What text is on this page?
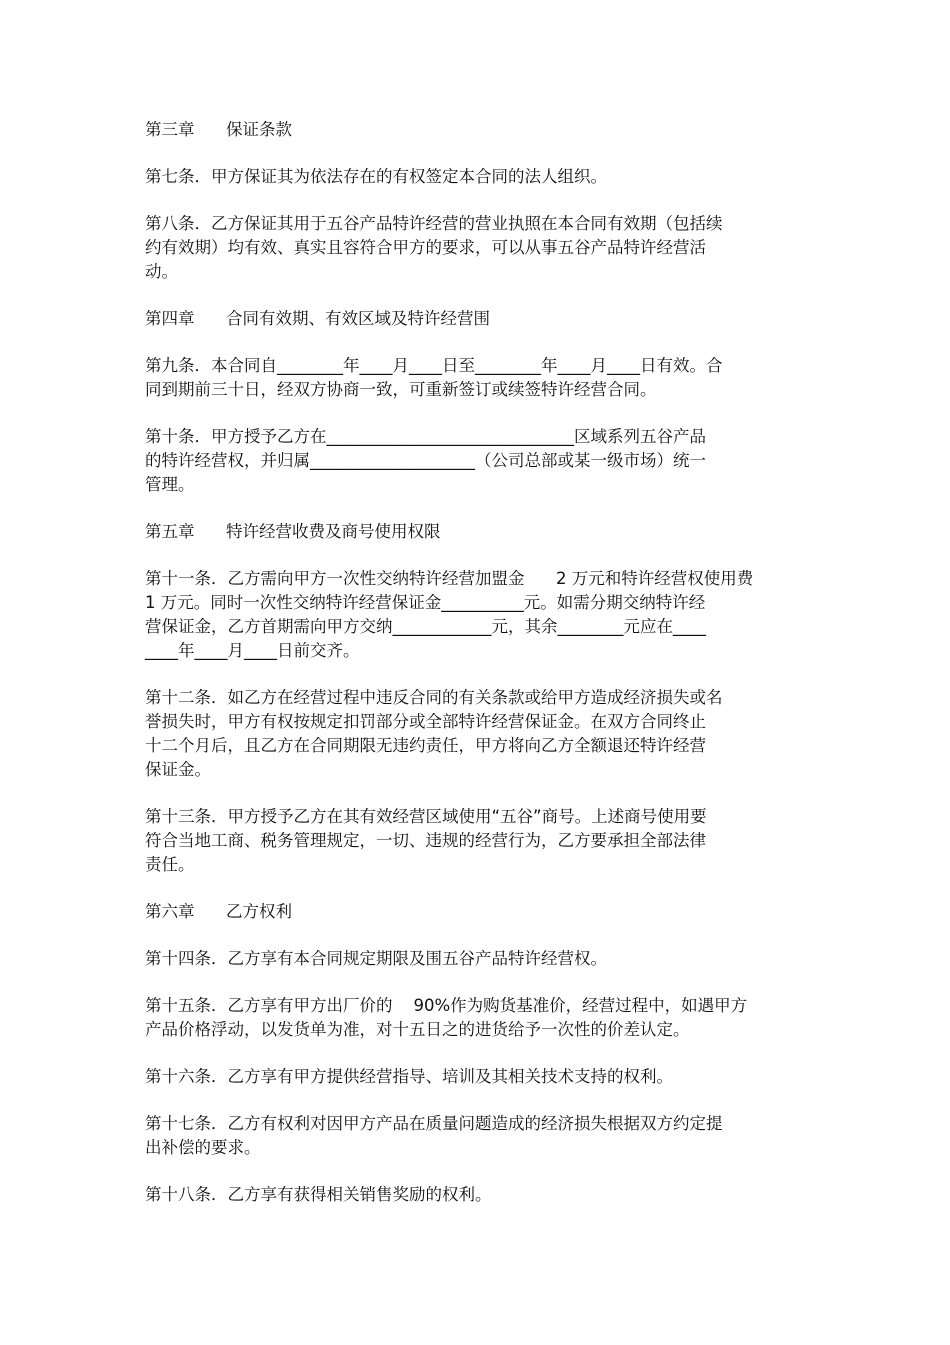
第三章      保证条款
第七条．甲方保证其为依法存在的有权签定本合同的法人组织。
第八条．乙方保证其用于五谷产品特许经营的营业执照在本合同有效期（包括续
约有效期）均有效、真实且容符合甲方的要求，可以从事五谷产品特许经营活
动。
第四章      合同有效期、有效区域及特许经营围
第九条．本合同自________年____月____日至________年____月____日有效。合
同到期前三十日，经双方协商一致，可重新签订或续签特许经营合同。
第十条．甲方授予乙方在______________________________区域系列五谷产品
的特许经营权，并归属____________________（公司总部或某一级市场）统一
管理。
第五章      特许经营收费及商号使用权限
第十一条．乙方需向甲方一次性交纳特许经营加盟金      2 万元和特许经营权使用费
1 万元。同时一次性交纳特许经营保证金__________元。如需分期交纳特许经
营保证金，乙方首期需向甲方交纳____________元，其余________元应在____
____年____月____日前交齐。
第十二条．如乙方在经营过程中违反合同的有关条款或给甲方造成经济损失或名
誉损失时，甲方有权按规定扣罚部分或全部特许经营保证金。在双方合同终止
十二个月后，且乙方在合同期限无违约责任，甲方将向乙方全额退还特许经营
保证金。
第十三条．甲方授予乙方在其有效经营区域使用“五谷”商号。上述商号使用要
符合当地工商、税务管理规定，一切、违规的经营行为，乙方要承担全部法律
责任。
第六章      乙方权利
第十四条．乙方享有本合同规定期限及围五谷产品特许经营权。
第十五条．乙方享有甲方出厂价的    90%作为购货基准价，经营过程中，如遇甲方
产品价格浮动，以发货单为准，对十五日之的进货给予一次性的价差认定。
第十六条．乙方享有甲方提供经营指导、培训及其相关技术支持的权利。
第十七条．乙方有权利对因甲方产品在质量问题造成的经济损失根据双方约定提
出补偿的要求。
第十八条．乙方享有获得相关销售奖励的权利。
